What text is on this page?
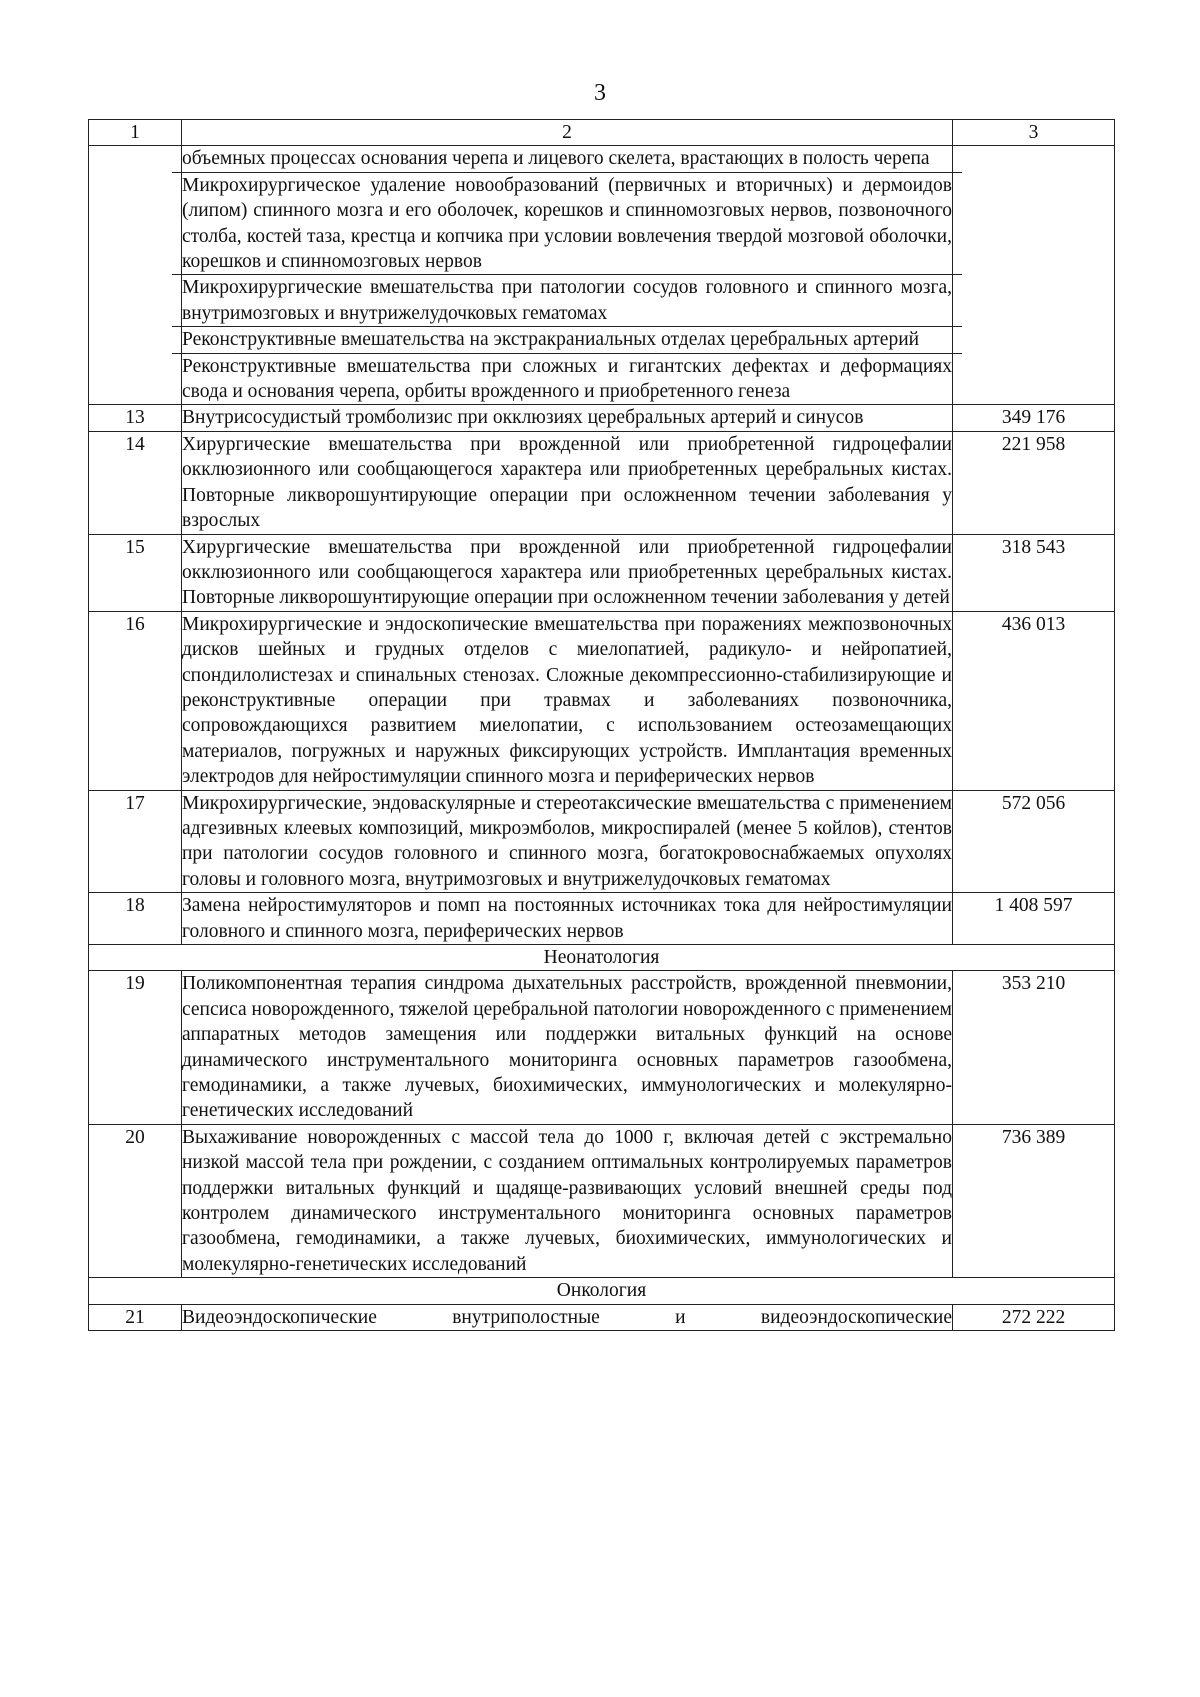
3
1	2	3

	объемных процессах основания черепа и лицевого скелета, врастающих в полость черепа
Микрохирургическое удаление новообразований (первичных и вторичных) и дермоидов (липом) спинного мозга и его оболочек, корешков и спинномозговых нервов, позвоночного столба, костей таза, крестца и копчика при условии вовлечения твердой мозговой оболочки, корешков и спинномозговых нервов
Микрохирургические вмешательства при патологии сосудов головного и спинного мозга, внутримозговых и внутрижелудочковых гематомах
Реконструктивные вмешательства на экстракраниальных отделах церебральных артерий
Реконструктивные вмешательства при сложных и гигантских дефектах и деформациях свода и основания черепа, орбиты врожденного и приобретенного генеза	

13	Внутрисосудистый тромболизис при окклюзиях церебральных артерий и синусов	349 176
14	Хирургические вмешательства при врожденной или приобретенной гидроцефалии окклюзионного или сообщающегося характера или приобретенных церебральных кистах. Повторные ликворошунтирующие операции при осложненном течении заболевания у взрослых	221 958
15	Хирургические вмешательства при врожденной или приобретенной гидроцефалии окклюзионного или сообщающегося характера или приобретенных церебральных кистах. Повторные ликворошунтирующие операции при осложненном течении заболевания у детей	318 543
16	Микрохирургические и эндоскопические вмешательства при поражениях межпозвоночных дисков шейных и грудных отделов с миелопатией, радикуло- и нейропатией, спондилолистезах и спинальных стенозах. Сложные декомпрессионно-стабилизирующие и реконструктивные операции при травмах и заболеваниях позвоночника, сопровождающихся развитием миелопатии, с использованием остеозамещающих материалов, погружных и наружных фиксирующих устройств. Имплантация временных электродов для нейростимуляции спинного мозга и периферических нервов	436 013
17	Микрохирургические, эндоваскулярные и стереотаксические вмешательства с применением адгезивных клеевых композиций, микроэмболов, микроспиралей (менее 5 койлов), стентов при патологии сосудов головного и спинного мозга, богатокровоснабжаемых опухолях головы и головного мозга, внутримозговых и внутрижелудочковых гематомах	572 056
18	Замена нейростимуляторов и помп на постоянных источниках тока для нейростимуляции головного и спинного мозга, периферических нервов	1 408 597
Неонатология		
19	Поликомпонентная терапия синдрома дыхательных расстройств, врожденной пневмонии, сепсиса новорожденного, тяжелой церебральной патологии новорожденного с применением аппаратных методов замещения или поддержки витальных функций на основе динамического инструментального мониторинга основных параметров газообмена, гемодинамики, а также лучевых, биохимических, иммунологических и молекулярно-генетических исследований	353 210
20	Выхаживание новорожденных с массой тела до 1000 г, включая детей с экстремально низкой массой тела при рождении, с созданием оптимальных контролируемых параметров поддержки витальных функций и щадяще-развивающих условий внешней среды под контролем динамического инструментального мониторинга основных параметров газообмена, гемодинамики, а также лучевых, биохимических, иммунологических и молекулярно-генетических исследований	736 389
Онкология		
21	Видеоэндоскопические внутриполостные и видеоэндоскопические	272 222
